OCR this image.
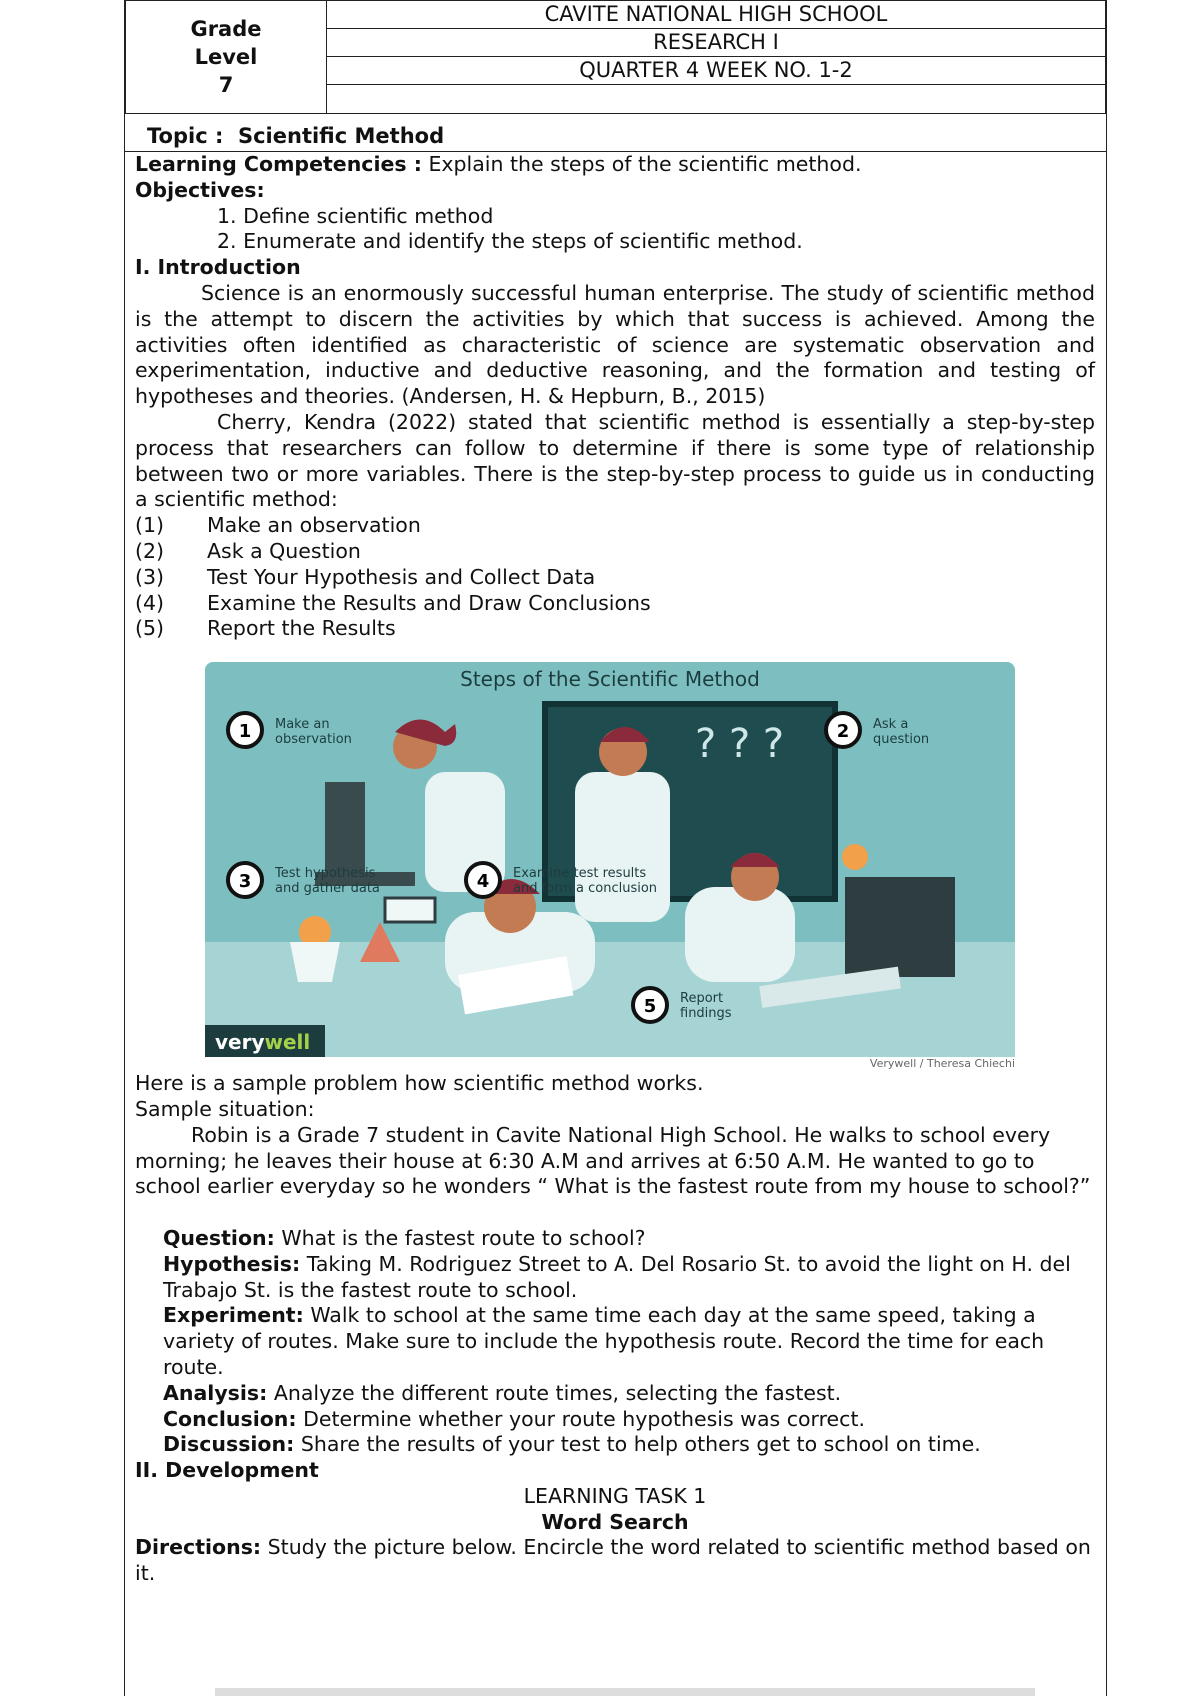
Grade
Level
7
	CAVITE NATIONAL HIGH SCHOOL
RESEARCH I
QUARTER 4 WEEK NO. 1-2

Topic : Scientific Method

Learning Competencies : Explain the steps of the scientific method.

Objectives:

1. Define scientific method

2. Enumerate and identify the steps of scientific method.

I. Introduction

Science is an enormously successful human enterprise. The study of scientific method is the attempt to discern the activities by which that success is achieved. Among the activities often identified as characteristic of science are systematic observation and experimentation, inductive and deductive reasoning, and the formation and testing of hypotheses and theories. (Andersen, H. & Hepburn, B., 2015)

Cherry, Kendra (2022) stated that scientific method is essentially a step-by-step process that researchers can follow to determine if there is some type of relationship between two or more variables. There is the step-by-step process to guide us in conducting a scientific method:

(1)	Make an observation
(2)	Ask a Question
(3)	Test Your Hypothesis and Collect Data
(4)	Examine the Results and Draw Conclusions
(5)	Report the Results
? ? ?
1 Make an
observation	2 Ask a
question
3 Test hypothesis
and gather data	4 Examine test results
and form a conclusion
5 Report
findings
Steps of the Scientific Method
verywell

Verywell / Theresa Chiechi

Here is a sample problem how scientific method works.

Sample situation:

Robin is a Grade 7 student in Cavite National High School. He walks to school every morning; he leaves their house at 6:30 A.M and arrives at 6:50 A.M. He wanted to go to school earlier everyday so he wonders “ What is the fastest route from my house to school?”

Question: What is the fastest route to school?

Hypothesis: Taking M. Rodriguez Street to A. Del Rosario St. to avoid the light on H. del Trabajo St. is the fastest route to school.

Experiment: Walk to school at the same time each day at the same speed, taking a variety of routes. Make sure to include the hypothesis route. Record the time for each route.

Analysis: Analyze the different route times, selecting the fastest.

Conclusion: Determine whether your route hypothesis was correct.

Discussion: Share the results of your test to help others get to school on time.

II. Development

LEARNING TASK 1

Word Search

Directions: Study the picture below. Encircle the word related to scientific method based on it.
